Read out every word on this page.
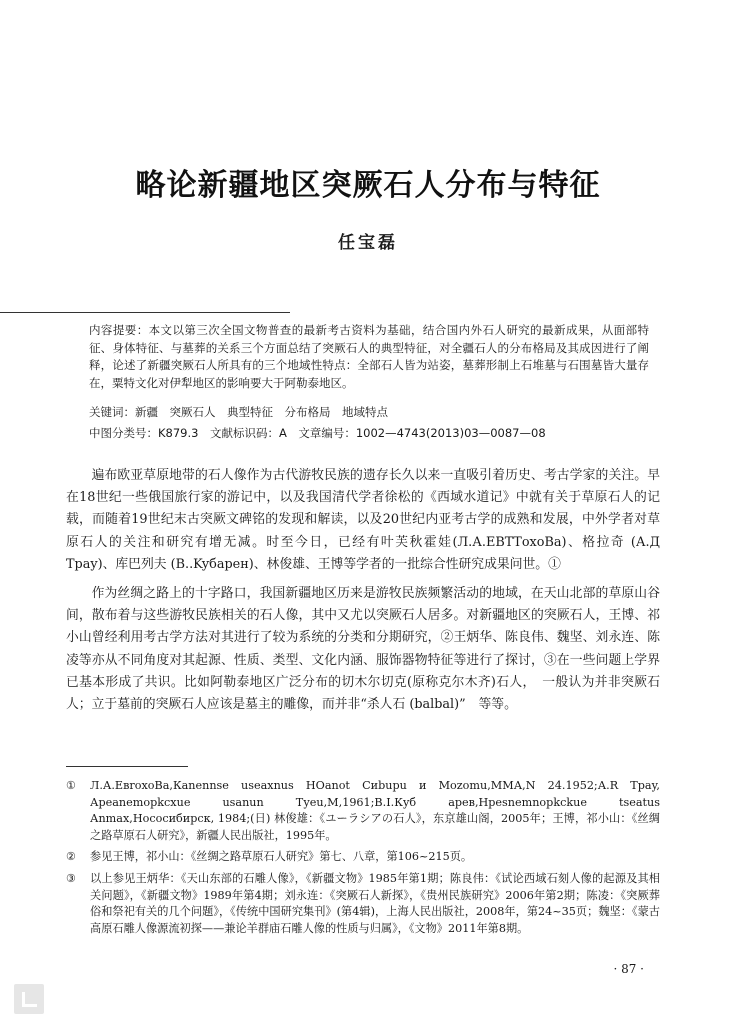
略论新疆地区突厥石人分布与特征
任宝磊

内容提要：本文以第三次全国文物普查的最新考古资料为基础，结合国内外石人研究的最新成果，从面部特征、身体特征、与墓葬的关系三个方面总结了突厥石人的典型特征，对全疆石人的分布格局及其成因进行了阐释，论述了新疆突厥石人所具有的三个地域性特点：全部石人皆为站姿，墓葬形制上石堆墓与石围墓皆大量存在，粟特文化对伊犁地区的影响要大于阿勒泰地区。

关键词：新疆　突厥石人　典型特征　分布格局　地域特点
中图分类号：K879.3　文献标识码：A　文章编号：1002—4743(2013)03—0087—08

遍布欧亚草原地带的石人像作为古代游牧民族的遗存长久以来一直吸引着历史、考古学家的关注。早在18世纪一些俄国旅行家的游记中，以及我国清代学者徐松的《西域水道记》中就有关于草原石人的记载，而随着19世纪末古突厥文碑铭的发现和解读，以及20世纪内亚考古学的成熟和发展，中外学者对草原石人的关注和研究有增无减。时至今日，已经有叶芙秋霍娃(Л.А.ЕВТТохоВа)、格拉奇 (А.Д Тpay)、库巴列夫 (В..Kyбapeн)、林俊雄、王博等学者的一批综合性研究成果问世。①

作为丝绸之路上的十字路口，我国新疆地区历来是游牧民族频繁活动的地域，在天山北部的草原山谷间，散布着与这些游牧民族相关的石人像，其中又尤以突厥石人居多。对新疆地区的突厥石人，王博、祁小山曾经利用考古学方法对其进行了较为系统的分类和分期研究，②王炳华、陈良伟、魏坚、刘永连、陈凌等亦从不同角度对其起源、性质、类型、文化内涵、服饰器物特征等进行了探讨，③在一些问题上学界已基本形成了共识。比如阿勒泰地区广泛分布的切木尔切克(原称克尔木齐)石人，　一般认为并非突厥石人；立于墓前的突厥石人应该是墓主的雕像，而并非“杀人石 (balbal)”　等等。

①	Л.А.ЕвroxoВа,Каnеnnsе uѕеахnus НОаnоt Сиbupu и Мozоmu,ММА,N 24.1952;А.R Тpay, Аpеаnеmорkсхuе uѕаnun Туеu,М,1961;В.І.Куб apeв,Нpеsnеmnорkсkuе tѕеаtus Аnmах,Нoсосибирск, 1984;(日) 林俊雄：《ユーラシアの石人》，东京雄山阁，2005年；王博，祁小山：《丝绸之路草原石人研究》，新疆人民出版社，1995年。
②	参见王博，祁小山：《丝绸之路草原石人研究》第七、八章，第106~215页。
③	以上参见王炳华：《天山东部的石雕人像》，《新疆文物》1985年第1期；陈良伟：《试论西域石刻人像的起源及其相关问题》，《新疆文物》1989年第4期；刘永连：《突厥石人新探》，《贵州民族研究》2006年第2期；陈凌：《突厥葬俗和祭祀有关的几个问题》，《传统中国研究集刊》(第4辑)，上海人民出版社，2008年，第24~35页；魏坚：《蒙古高原石雕人像源流初探——兼论羊群庙石雕人像的性质与归属》，《文物》2011年第8期。
· 87 ·
